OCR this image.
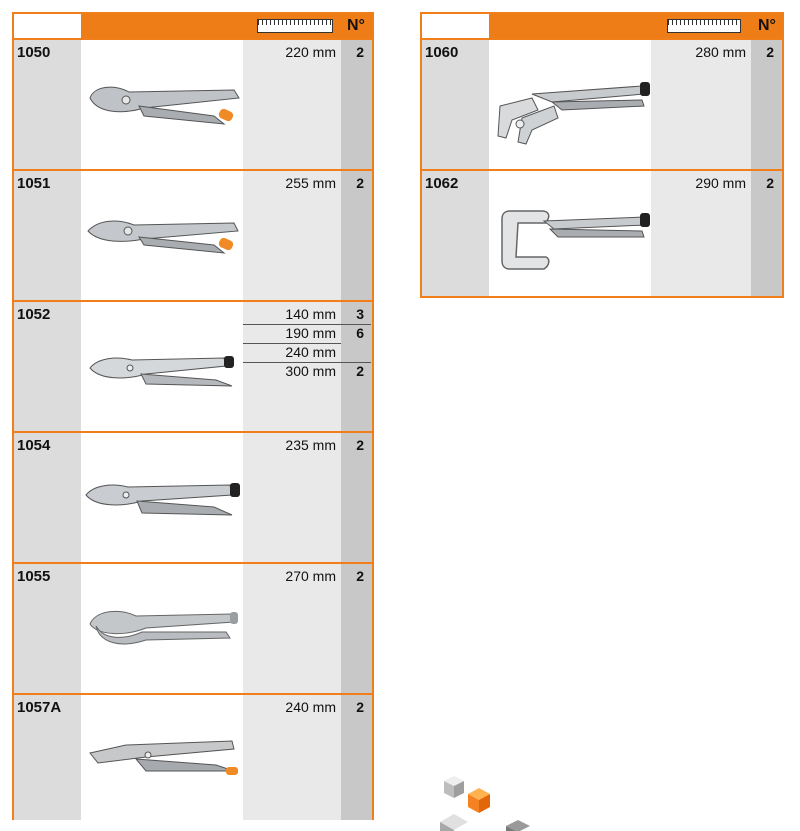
N°
1050	220 mm 2
1051	255 mm 2
1052	140 mm 3
190 mm 6
240 mm
300 mm 2
1054	235 mm 2
1055	270 mm 2
1057A	240 mm 2
N°
1060	280 mm 2
1062	290 mm 2
